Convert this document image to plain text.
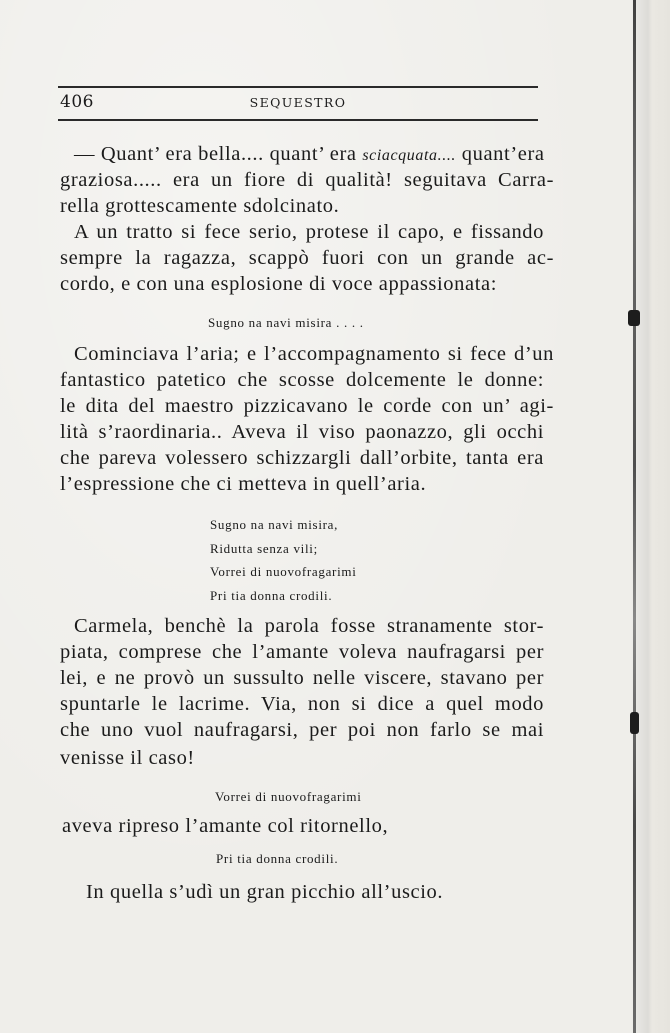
406	SEQUESTRO
— Quant’ era bella.... quant’ era sciacquata.... quant’era
graziosa..... era un fiore di qualità! seguitava Carra-
rella grottescamente sdolcinato.
A un tratto si fece serio, protese il capo, e fissando
sempre la ragazza, scappò fuori con un grande ac-
cordo, e con una esplosione di voce appassionata:
Sugno na navi misira . . . .
Cominciava l’aria; e l’accompagnamento si fece d’un
fantastico patetico che scosse dolcemente le donne:
le dita del maestro pizzicavano le corde con un’ agi-
lità s’raordinaria.. Aveva il viso paonazzo, gli occhi
che pareva volessero schizzargli dall’orbite, tanta era
l’espressione che ci metteva in quell’aria.
Sugno na navi misira,
Ridutta senza vili;
Vorrei di nuovofragarimi
Pri tia donna crodili.
Carmela, benchè la parola fosse stranamente stor-
piata, comprese che l’amante voleva naufragarsi per
lei, e ne provò un sussulto nelle viscere, stavano per
spuntarle le lacrime. Via, non si dice a quel modo
che uno vuol naufragarsi, per poi non farlo se mai
venisse il caso!
Vorrei di nuovofragarimi
aveva ripreso l’amante col ritornello,
Pri tia donna crodili.
In quella s’udì un gran picchio all’uscio.
